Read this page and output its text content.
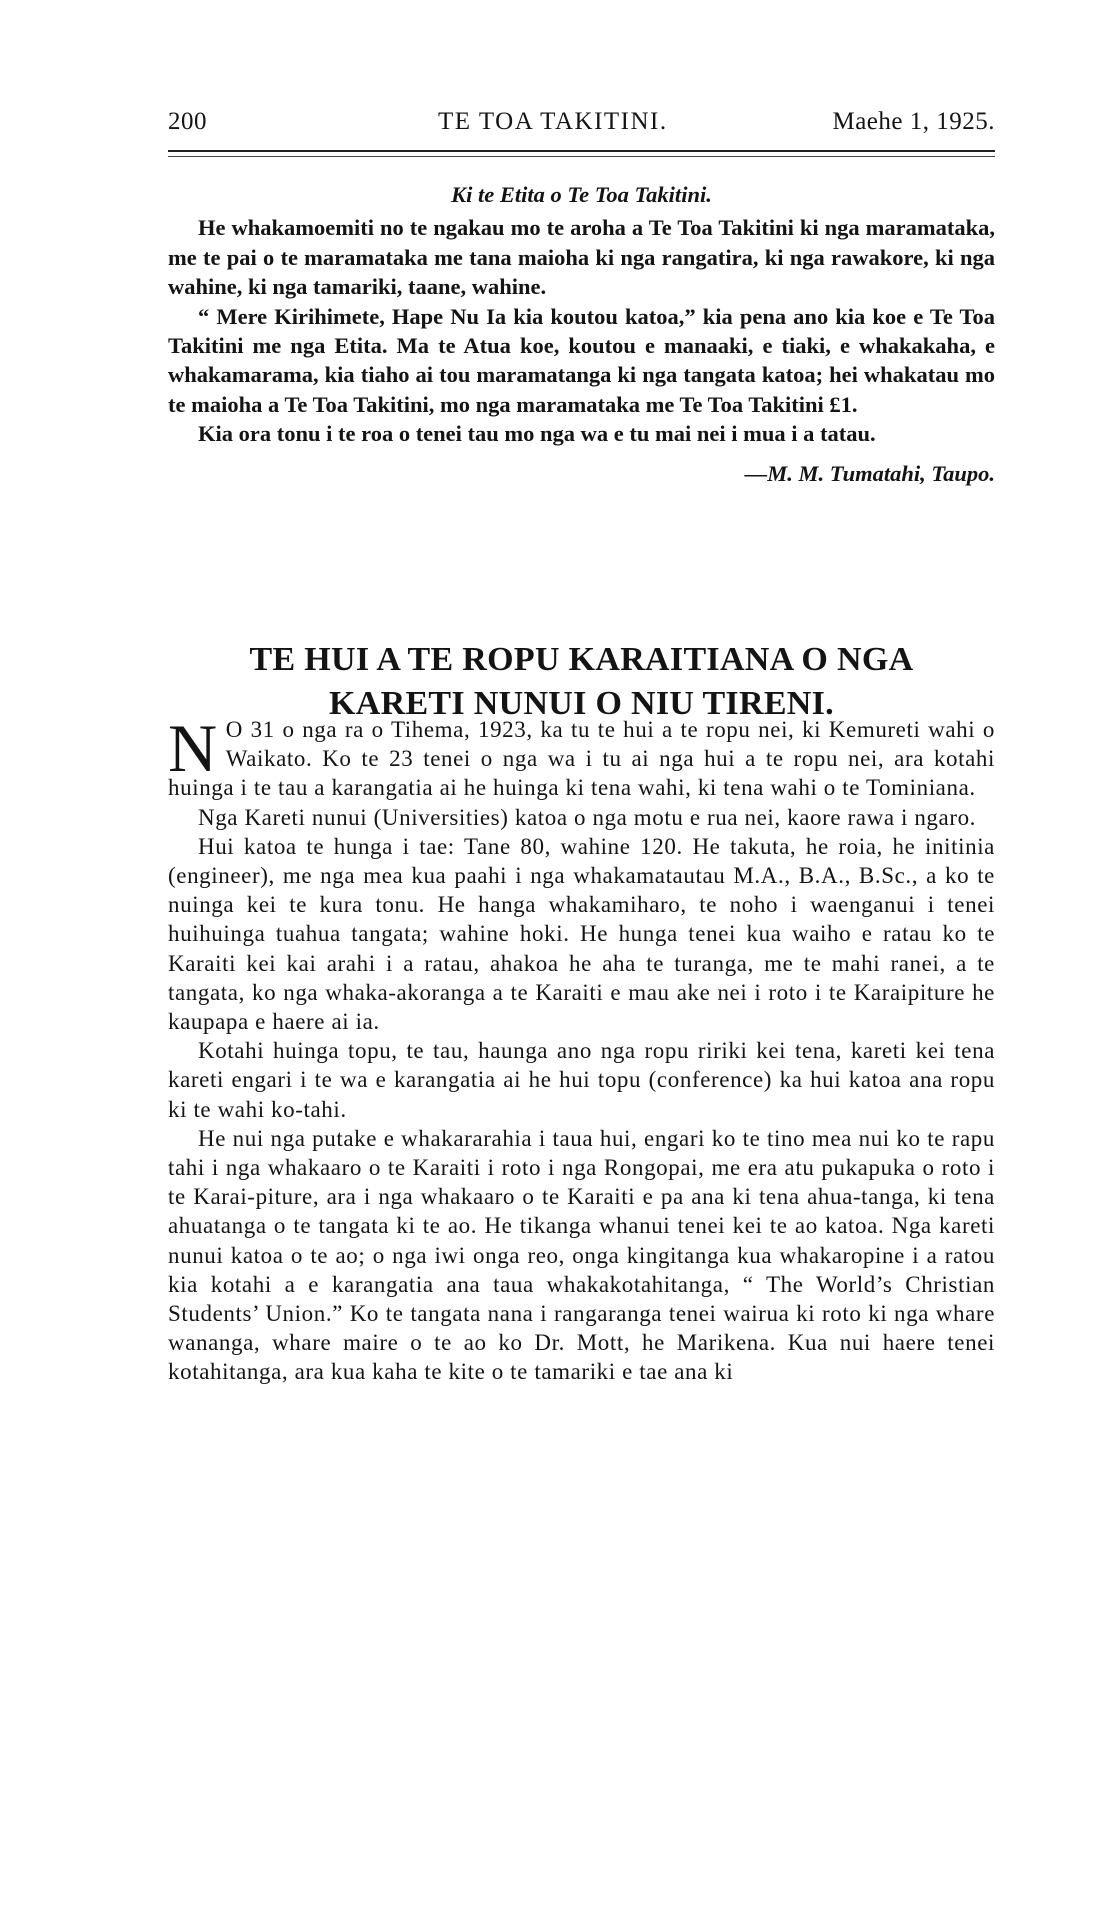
200	TE TOA TAKITINI.	Maehe 1, 1925.

Ki te Etita o Te Toa Takitini.

He whakamoemiti no te ngakau mo te aroha a Te Toa Takitini ki nga maramataka, me te pai o te maramataka me tana maioha ki nga rangatira, ki nga rawakore, ki nga wahine, ki nga tamariki, taane, wahine.

“ Mere Kirihimete, Hape Nu Ia kia koutou katoa,” kia pena ano kia koe e Te Toa Takitini me nga Etita. Ma te Atua koe, koutou e manaaki, e tiaki, e whakakaha, e whakamarama, kia tiaho ai tou maramatanga ki nga tangata katoa; hei whakatau mo te maioha a Te Toa Takitini, mo nga maramataka me Te Toa Takitini £1.

Kia ora tonu i te roa o tenei tau mo nga wa e tu mai nei i mua i a tatau.

—M. M. Tumatahi, Taupo.

TE HUI A TE ROPU KARAITIANA O NGA
KARETI NUNUI O NIU TIRENI.

N O 31 o nga ra o Tihema, 1923, ka tu te hui a te ropu nei, ki Kemureti wahi o Waikato. Ko te 23 tenei o nga wa i tu ai nga hui a te ropu nei, ara kotahi huinga i te tau a karangatia ai he huinga ki tena wahi, ki tena wahi o te Tominiana.

Nga Kareti nunui (Universities) katoa o nga motu e rua nei, kaore rawa i ngaro.

Hui katoa te hunga i tae: Tane 80, wahine 120. He takuta, he roia, he initinia (engineer), me nga mea kua paahi i nga whakamatautau M.A., B.A., B.Sc., a ko te nuinga kei te kura tonu. He hanga whakamiharo, te noho i waenganui i tenei huihuinga tuahua tangata; wahine hoki. He hunga tenei kua waiho e ratau ko te Karaiti kei kai arahi i a ratau, ahakoa he aha te turanga, me te mahi ranei, a te tangata, ko nga whaka-akoranga a te Karaiti e mau ake nei i roto i te Karaipiture he kaupapa e haere ai ia.

Kotahi huinga topu, te tau, haunga ano nga ropu ririki kei tena, kareti kei tena kareti engari i te wa e karangatia ai he hui topu (conference) ka hui katoa ana ropu ki te wahi ko-tahi.

He nui nga putake e whakararahia i taua hui, engari ko te tino mea nui ko te rapu tahi i nga whakaaro o te Karaiti i roto i nga Rongopai, me era atu pukapuka o roto i te Karai-piture, ara i nga whakaaro o te Karaiti e pa ana ki tena ahua-tanga, ki tena ahuatanga o te tangata ki te ao. He tikanga whanui tenei kei te ao katoa. Nga kareti nunui katoa o te ao; o nga iwi onga reo, onga kingitanga kua whakaropine i a ratou kia kotahi a e karangatia ana taua whakakotahitanga, “ The World’s Christian Students’ Union.” Ko te tangata nana i rangaranga tenei wairua ki roto ki nga whare wananga, whare maire o te ao ko Dr. Mott, he Marikena. Kua nui haere tenei kotahitanga, ara kua kaha te kite o te tamariki e tae ana ki
